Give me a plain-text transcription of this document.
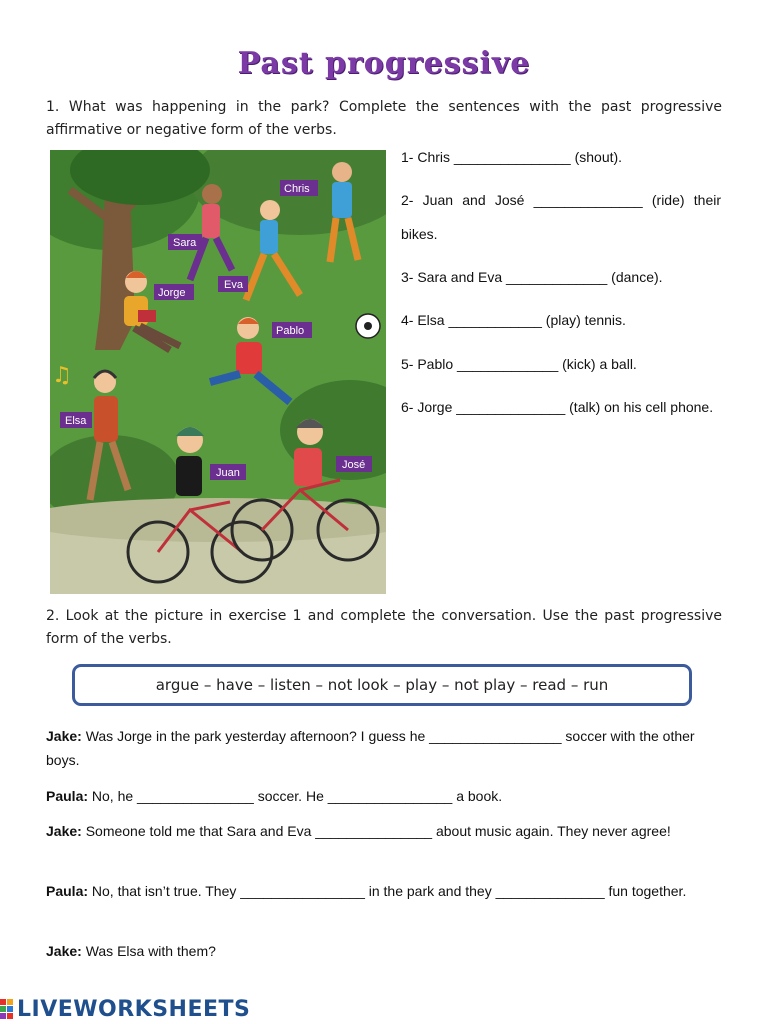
Past progressive
1. What was happening in the park? Complete the sentences with the past progressive affirmative or negative form of the verbs.
Chris
Sara
Eva
Jorge
Pablo
♫
Elsa
Juan
José
1- Chris _______________ (shout).
2- Juan and José ______________ (ride) their bikes.
3- Sara and Eva _____________ (dance).
4- Elsa ____________ (play) tennis.
5- Pablo _____________ (kick) a ball.
6- Jorge ______________ (talk) on his cell phone.
2. Look at the picture in exercise 1 and complete the conversation. Use the past progressive form of the verbs.
argue – have – listen – not look – play – not play – read – run
Jake: Was Jorge in the park yesterday afternoon? I guess he _________________ soccer with the other boys.
Paula: No, he _______________ soccer. He ________________ a book.
Jake: Someone told me that Sara and Eva _______________ about music again. They never agree!
Paula: No, that isn’t true. They ________________ in the park and they ______________ fun together.
Jake: Was Elsa with them?
LIVEWORKSHEETS
